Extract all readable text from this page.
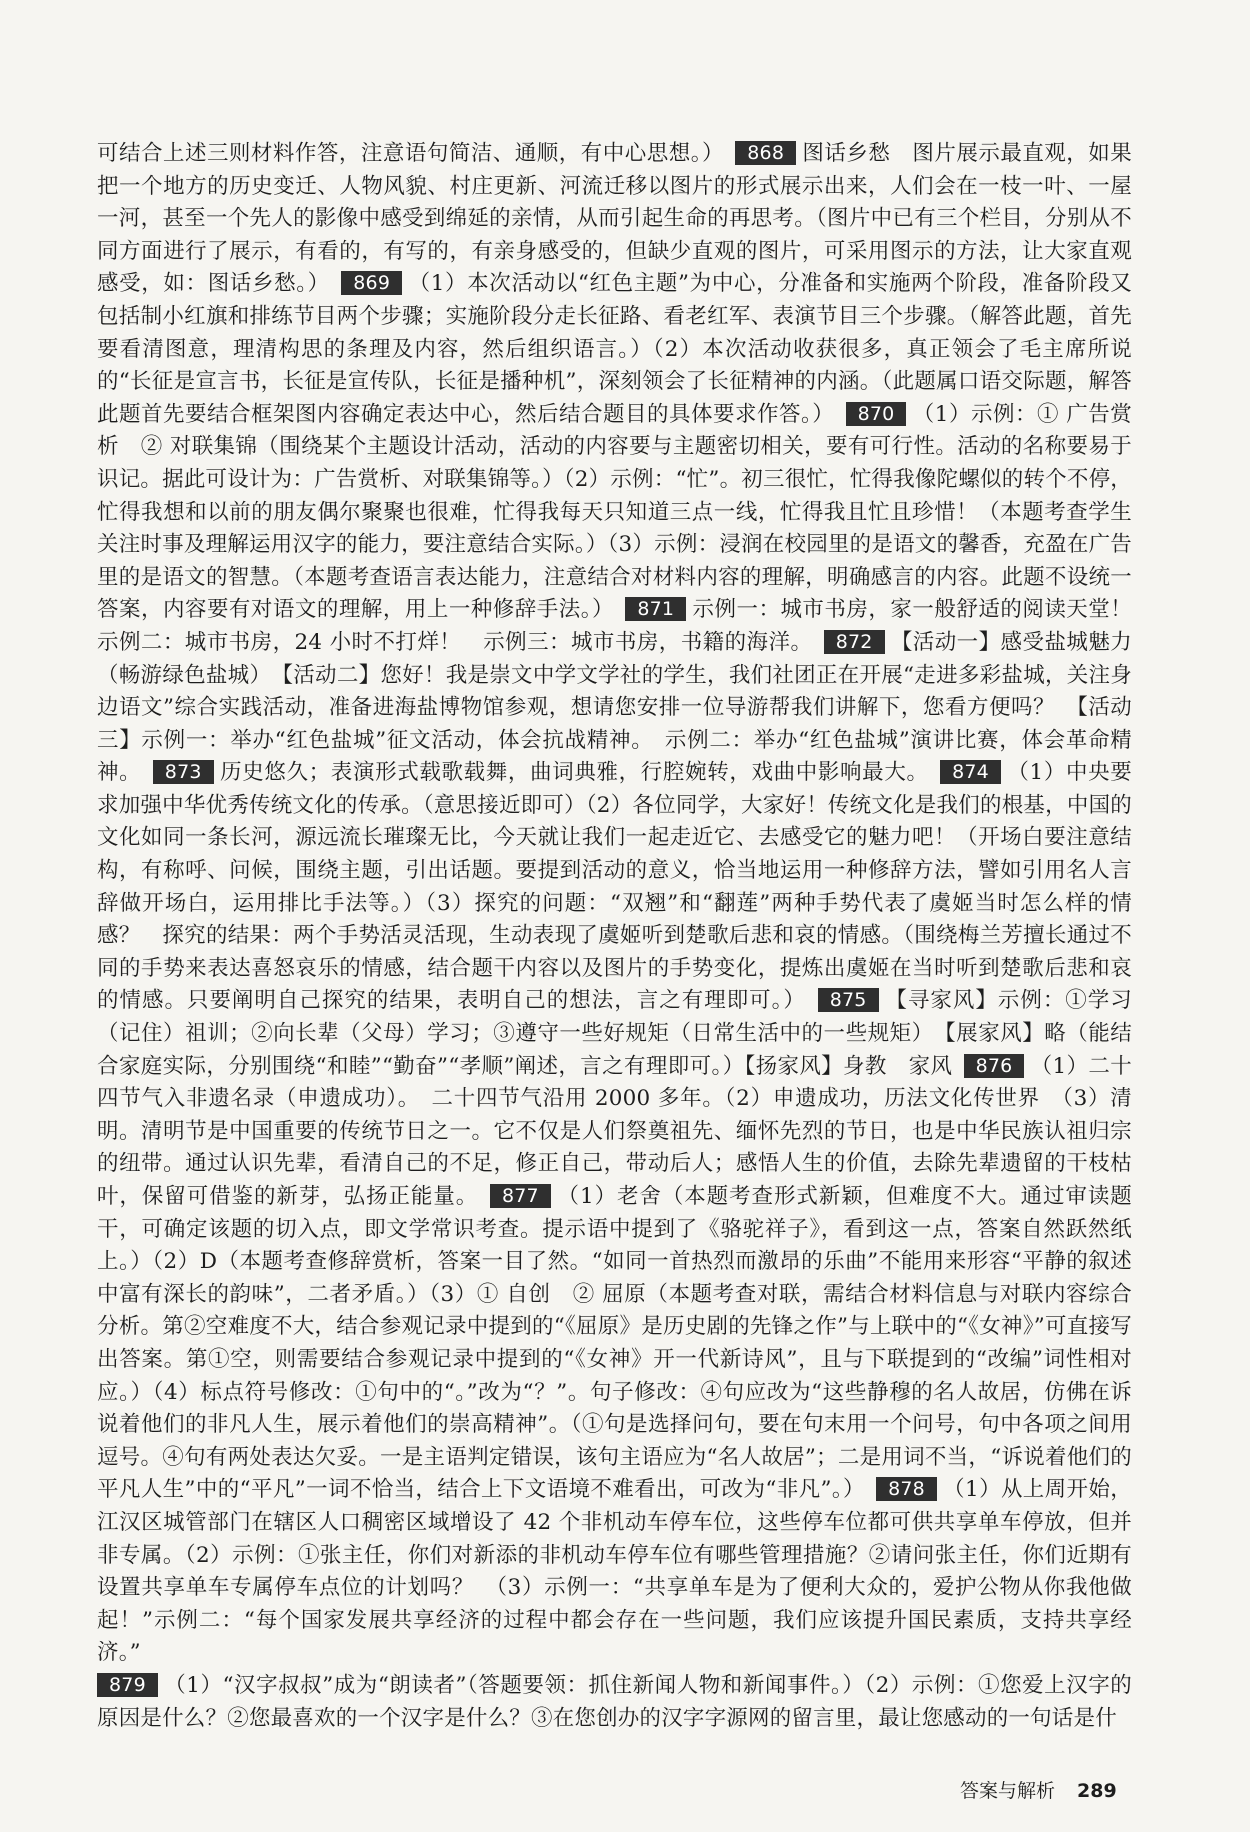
可结合上述三则材料作答，注意语句简洁、通顺，有中心思想。） 868 图话乡愁　图片展示最直观，如果把一个地方的历史变迁、人物风貌、村庄更新、河流迁移以图片的形式展示出来，人们会在一枝一叶、一屋一河，甚至一个先人的影像中感受到绵延的亲情，从而引起生命的再思考。（图片中已有三个栏目，分别从不同方面进行了展示，有看的，有写的，有亲身感受的，但缺少直观的图片，可采用图示的方法，让大家直观感受，如：图话乡愁。） 869 （1）本次活动以“红色主题”为中心，分准备和实施两个阶段，准备阶段又包括制小红旗和排练节目两个步骤；实施阶段分走长征路、看老红军、表演节目三个步骤。（解答此题，首先要看清图意，理清构思的条理及内容，然后组织语言。）（2）本次活动收获很多，真正领会了毛主席所说的“长征是宣言书，长征是宣传队，长征是播种机”，深刻领会了长征精神的内涵。（此题属口语交际题，解答此题首先要结合框架图内容确定表达中心，然后结合题目的具体要求作答。） 870 （1）示例：① 广告赏析　② 对联集锦（围绕某个主题设计活动，活动的内容要与主题密切相关，要有可行性。活动的名称要易于识记。据此可设计为：广告赏析、对联集锦等。）（2）示例：“忙”。初三很忙，忙得我像陀螺似的转个不停，忙得我想和以前的朋友偶尔聚聚也很难，忙得我每天只知道三点一线，忙得我且忙且珍惜！（本题考查学生关注时事及理解运用汉字的能力，要注意结合实际。）（3）示例：浸润在校园里的是语文的馨香，充盈在广告里的是语文的智慧。（本题考查语言表达能力，注意结合对材料内容的理解，明确感言的内容。此题不设统一答案，内容要有对语文的理解，用上一种修辞手法。） 871 示例一：城市书房，家一般舒适的阅读天堂！　示例二：城市书房，24 小时不打烊！　示例三：城市书房，书籍的海洋。 872 【活动一】感受盐城魅力（畅游绿色盐城）　【活动二】您好！我是崇文中学文学社的学生，我们社团正在开展“走进多彩盐城，关注身边语文”综合实践活动，准备进海盐博物馆参观，想请您安排一位导游帮我们讲解下，您看方便吗？　【活动三】示例一：举办“红色盐城”征文活动，体会抗战精神。　示例二：举办“红色盐城”演讲比赛，体会革命精神。 873 历史悠久；表演形式载歌载舞，曲词典雅，行腔婉转，戏曲中影响最大。 874 （1）中央要求加强中华优秀传统文化的传承。（意思接近即可）（2）各位同学，大家好！传统文化是我们的根基，中国的文化如同一条长河，源远流长璀璨无比，今天就让我们一起走近它、去感受它的魅力吧！（开场白要注意结构，有称呼、问候，围绕主题，引出话题。要提到活动的意义，恰当地运用一种修辞方法，譬如引用名人言辞做开场白，运用排比手法等。）（3）探究的问题：“双翘”和“翻莲”两种手势代表了虞姬当时怎么样的情感？　探究的结果：两个手势活灵活现，生动表现了虞姬听到楚歌后悲和哀的情感。（围绕梅兰芳擅长通过不同的手势来表达喜怒哀乐的情感，结合题干内容以及图片的手势变化，提炼出虞姬在当时听到楚歌后悲和哀的情感。只要阐明自己探究的结果，表明自己的想法，言之有理即可。） 875 【寻家风】示例：①学习（记住）祖训；②向长辈（父母）学习；③遵守一些好规矩（日常生活中的一些规矩）　【展家风】略（能结合家庭实际，分别围绕“和睦”“勤奋”“孝顺”阐述，言之有理即可。）【扬家风】身教　家风 876 （1）二十四节气入非遗名录（申遗成功）。　二十四节气沿用 2000 多年。（2）申遗成功，历法文化传世界　（3）清明。清明节是中国重要的传统节日之一。它不仅是人们祭奠祖先、缅怀先烈的节日，也是中华民族认祖归宗的纽带。通过认识先辈，看清自己的不足，修正自己，带动后人；感悟人生的价值，去除先辈遗留的干枝枯叶，保留可借鉴的新芽，弘扬正能量。 877 （1）老舍（本题考查形式新颖，但难度不大。通过审读题干，可确定该题的切入点，即文学常识考查。提示语中提到了《骆驼祥子》，看到这一点，答案自然跃然纸上。）（2）D（本题考查修辞赏析，答案一目了然。“如同一首热烈而激昂的乐曲”不能用来形容“平静的叙述中富有深长的韵味”，二者矛盾。）（3）① 自创　② 屈原（本题考查对联，需结合材料信息与对联内容综合分析。第②空难度不大，结合参观记录中提到的“《屈原》是历史剧的先锋之作”与上联中的“《女神》”可直接写出答案。第①空，则需要结合参观记录中提到的“《女神》开一代新诗风”，且与下联提到的“改编”词性相对应。）（4）标点符号修改：①句中的“。”改为“？”。句子修改：④句应改为“这些静穆的名人故居，仿佛在诉说着他们的非凡人生，展示着他们的崇高精神”。（①句是选择问句，要在句末用一个问号，句中各项之间用逗号。④句有两处表达欠妥。一是主语判定错误，该句主语应为“名人故居”；二是用词不当，“诉说着他们的平凡人生”中的“平凡”一词不恰当，结合上下文语境不难看出，可改为“非凡”。） 878 （1）从上周开始，江汉区城管部门在辖区人口稠密区域增设了 42 个非机动车停车位，这些停车位都可供共享单车停放，但并非专属。（2）示例：①张主任，你们对新添的非机动车停车位有哪些管理措施？②请问张主任，你们近期有设置共享单车专属停车点位的计划吗？　（3）示例一：“共享单车是为了便利大众的，爱护公物从你我他做起！”示例二：“每个国家发展共享经济的过程中都会存在一些问题，我们应该提升国民素质，支持共享经济。”
879 （1）“汉字叔叔”成为“朗读者”（答题要领：抓住新闻人物和新闻事件。）（2）示例：①您爱上汉字的原因是什么？②您最喜欢的一个汉字是什么？③在您创办的汉字字源网的留言里，最让您感动的一句话是什
答案与解析 289
